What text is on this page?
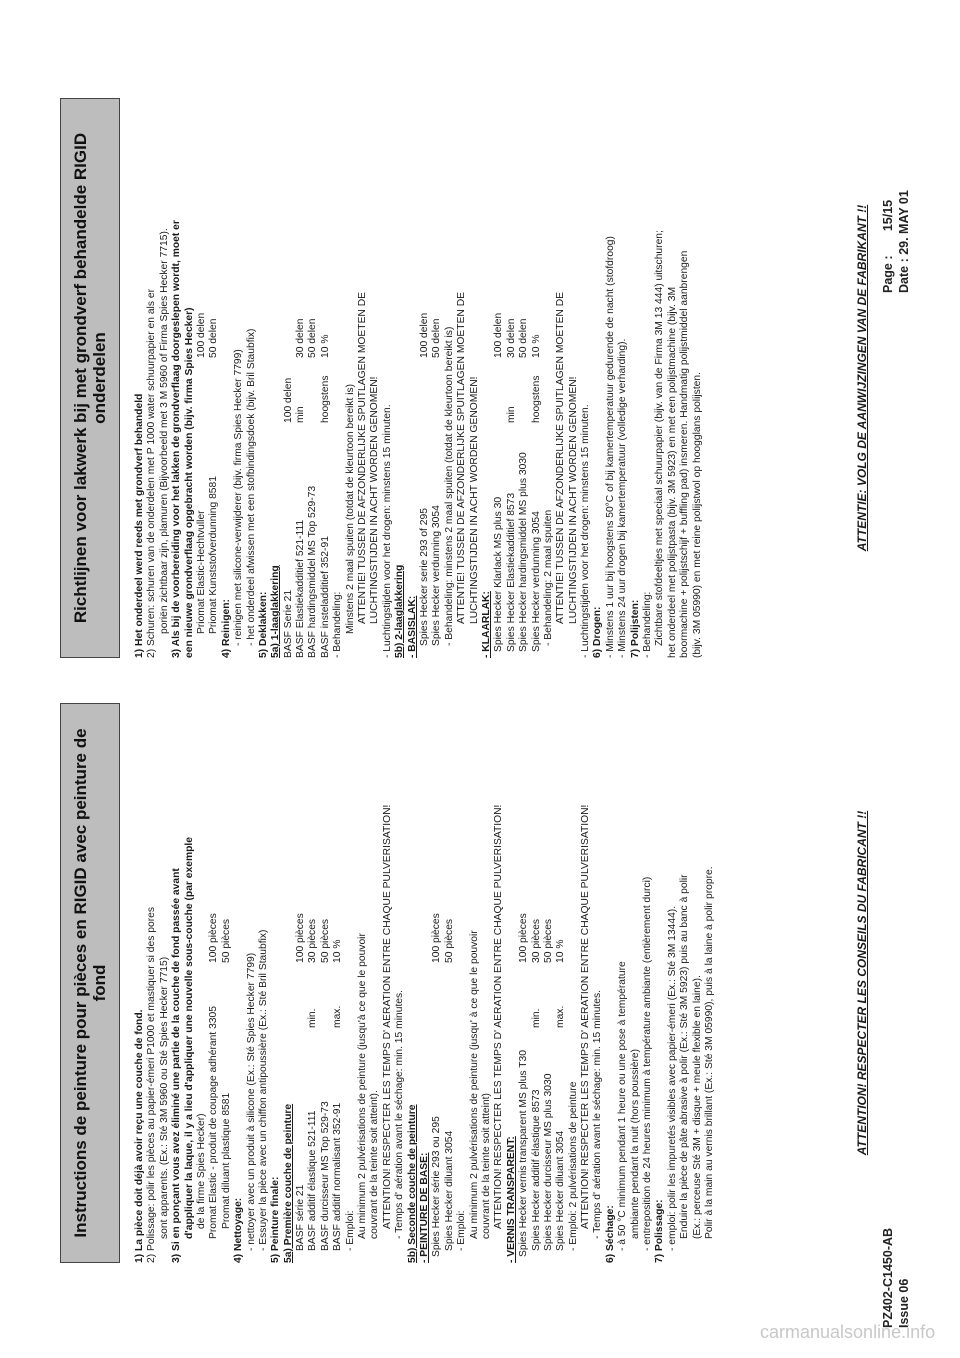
PZ402-C1450-AB Issue 06
Page :       15/15 Date : 29. MAY 01
Instructions de peinture pour pièces en RIGID avec peinture de fond
1) La pièce doit déjà avoir reçu une couche de fond. 2) Polissage: polir les pièces au papier-émeri P1000 et mastiquer si des pores sont apparents. (Ex.: Sté 3M 5960 ou Sté Spies Hecker 7715) 3) Si en ponçant vous avez éliminé une partie de la couche de fond passée avant d'appliquer la laque, il y a lieu d'appliquer une nouvelle sous-couche (par exemple de la firme Spies Hecker) Promat Elastic - produit de coupage adhérant 3305
100 pièces
Promat diluant plastique 8581
50 pièces
4) Nettoyage: - nettoyer avec un produit à silicone (Ex.: Sté Spies Hecker 7799) - Essuyer la pièce avec un chiffon antipoussière (Ex.: Sté Bril Staubfix) 5) Peinture finale: 5a) Première couche de peinture BASF série 21
100 pièces
BASF additif élastique 521-111
min.
30 pièces
BASF durcisseur MS Top 529-73
50 pièces
BASF additif normalisant 352-91
max.
10 %
- Emploi: Au minimum 2 pulvérisations de peinture (jusqu'à ce que le pouvoir couvrant de la teinte soit atteint). ATTENTION! RESPECTER LES TEMPS D' AERATION ENTRE CHAQUE PULVERISATION! - Temps d' aération avant le séchage: min. 15 minutes. 5b) Seconde couche de peinture - PEINTURE DE BASE: Spies Hecker série 293 ou 295
100 pièces
Spies Hecker diluant 3054
50 pièces
- Emploi: Au minimum 2 pulvérisations de peinture (jusqu' à ce que le pouvoir couvrant de la teinte soit atteint) ATTENTION! RESPECTER LES TEMPS D' AERATION ENTRE CHAQUE PULVERISATION! - VERNIS TRANSPARENT: Spies Hecker vernis transparent MS plus T30
100 pièces
Spies Hecker additif élastique 8573
min.
30 pièces
Spies Hecker durcisseur MS plus 3030
50 pièces
Spies Hecker diluant 3054
max.
10 %
- Emploi: 2 pulvérisations de peinture ATTENTION! RESPECTER LES TEMPS D' AERATION ENTRE CHAQUE PULVERISATION! - Temps d' aération avant le séchage: min. 15 minutes. 6) Séchage: - à 50 °C minimum pendant 1 heure ou une pose à température ambiante pendant la nuit (hors poussière) - entreposition de 24 heures minimum à température ambiante (entièrement durci) 7) Polissage: - emploi: polir les impuretés visibles avec papier-émeri (Ex.: Sté 3M 13444). Enduire la pièce de pâte abrasive à polir (Ex.: Sté 3M 5923) puis au banc à polir (Ex.: perceuse Sté 3M + disque + meule flexible en laine). Polir à la main au vernis brillant (Ex.: Sté 3M 05990), puis à la laine à polir propre.	ATTENTION! RESPECTER LES CONSEILS DU FABRICANT !!
Richtlijnen voor lakwerk bij met grondverf behandelde RIGID onderdelen
1) Het onderdeel werd reeds met grondverf behandeld 2) Schuren: schuren van de onderdelen met P 1000 water schuurpapier en als er poriën zichtbaar zijn, plamuren (Bijvoorbeeld met 3 M 5960 of Firma Spies Hecker 7715). 3) Als bij de voorbereiding voor het lakken de grondverflaag doorgeslepen wordt, moet er een nieuwe grondverflaag opgebracht worden (bijv. firma Spies Hecker) Priomat Elastic-Hechtvuller
100 delen
Priomat Kunststofverdunning 8581
50 delen
4) Reinigen: - reinigen met silicone-verwijderer (bijv. firma Spies Hecker 7799) - het onderdeel afwissen met een stofbindingsdoek (bijv. Bril Staubfix) 5) Deklakken: 5a) 1-laaglakkering BASF Serie 21
100 delen
BASF Elastiekadditief 521-111
min
30 delen
BASF hardingsmiddel MS Top 529-73
50 delen
BASF insteladditief 352-91
hoogstens
10 %
- Behandeling: Minstens 2 maal spuiten (totdat de kleurtoon bereikt is) ATTENTIE! TUSSEN DE AFZONDERLIJKE SPUITLAGEN MOETEN DE LUCHTINGSTIJDEN IN ACHT WORDEN GENOMEN! - Luchtingstijden voor het drogen: minstens 15 minuten. 5b) 2-laaglakkering - BASISLAK: Spies Hecker serie 293 of 295
100 delen
Spies Hecker verdunning 3054
50 delen - Behandeling: minstens 2 maal spuiten (totdat de kleurtoon bereikt is) ATTENTIE! TUSSEN DE AFZONDERLIJKE SPUITLAGEN MOETEN DE LUCHTINGSTIJDEN IN ACHT WORDEN GENOMEN!
- KLAARLAK: Spies Hecker Klarlack MS plus 30
100 delen
Spies Hecker Elastiekadditief 8573
min
30 delen
Spies Hecker hardingsmiddel MS plus 3030
50 delen
Spies Hecker verdunning 3054
hoogstens
10 %
- Behandeling: 2 maal spuiten ATTENTIE! TUSSEN DE AFZONDERLIJKE SPUITLAGEN MOETEN DE LUCHTINGSTIJDEN IN ACHT WORDEN GENOMEN! - Luchtingstijden voor het drogen: minstens 15 minuten. 6) Drogen: - Minstens 1 uur bij hoogstens 50°C of bij kamertemperatuur gedurende de nacht (stofdroog) - Minstens 24 uur drogen bij kamertemperatuur (volledige verharding). 7) Polijsten: - Behandeling: Zichtbare stofdeeltjes met speciaal schuurpapier (bijv. van de Firma 3M 13 444) uitschuren; het onderdeel met polijstpasta (bijv. 3M 5923) en met een polijstmachine (bijv. 3M boormachine + polijstschijf + buffling pad) insmeren. Handmatig polijstmiddel aanbrengen (bijv. 3M 05990) en met reine polijstwol op hoogglans polijsten.	ATTENTIE: VOLG DE AANWIJZINGEN VAN DE FABRIKANT !!
carmanualsonline.info
